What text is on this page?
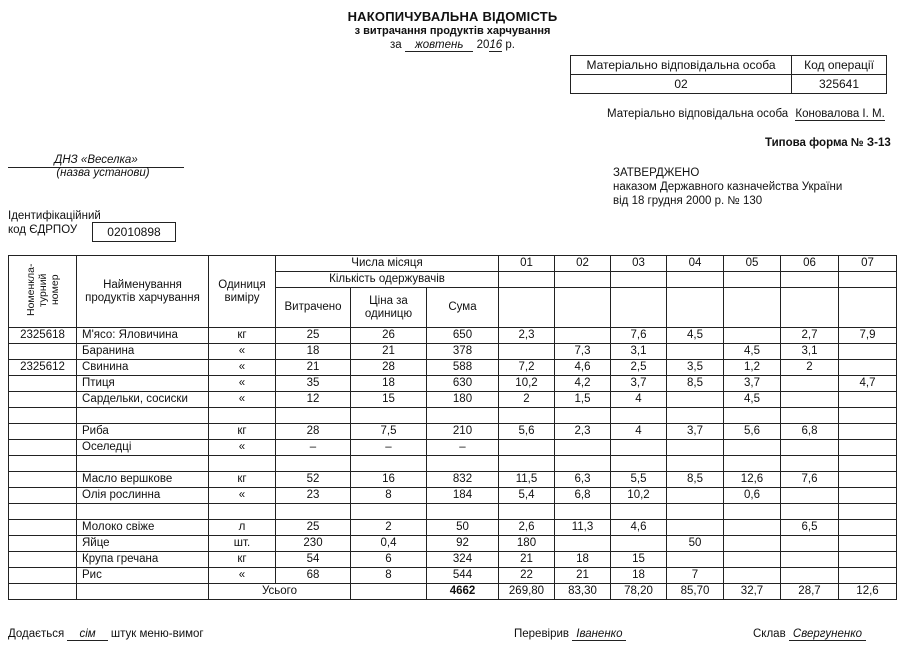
НАКОПИЧУВАЛЬНА ВІДОМІСТЬ
з витрачання продуктів харчування
за жовтень 2016 р.
Матеріально відповідальна особа	Код операції
02	325641
Матеріально відповідальна особа Коновалова І. М.
Типова форма № З-13
ЗАТВЕРДЖЕНО
наказом Державного казначейства України
від 18 грудня 2000 р. № 130
ДНЗ «Веселка»
(назва установи)
Ідентифікаційний
код ЄДРПОУ	02010898
Номенкла-турний номер	Найменування продуктів харчування	Одиниця виміру	Числа місяця			01	02	03	04	05	06	07
			Кількість одержувачів									
			Витрачено	Ціна за одиницю	Сума							
2325618	М'ясо: Яловичина	кг	25	26	650	2,3		7,6	4,5		2,7	7,9
	Баранина	«	18	21	378		7,3	3,1		4,5	3,1	
2325612	Свинина	«	21	28	588	7,2	4,6	2,5	3,5	1,2	2	
	Птиця	«	35	18	630	10,2	4,2	3,7	8,5	3,7		4,7
	Сардельки, сосиски	«	12	15	180	2	1,5	4		4,5		

	Риба	кг	28	7,5	210	5,6	2,3	4	3,7	5,6	6,8	
	Оселедці	«	–	–	–							

	Масло вершкове	кг	52	16	832	11,5	6,3	5,5	8,5	12,6	7,6	
	Олія рослинна	«	23	8	184	5,4	6,8	10,2		0,6		

	Молоко свіже	л	25	2	50	2,6	11,3	4,6			6,5	
	Яйце	шт.	230	0,4	92	180			50			
	Крупа гречана	кг	54	6	324	21	18	15				
	Рис	«	68	8	544	22	21	18	7			
		Усього			4662	269,80	83,30	78,20	85,70	32,7	28,7	12,6
Додається сім штук меню-вимог	Перевірив Іваненко	Склав Свергуненко
